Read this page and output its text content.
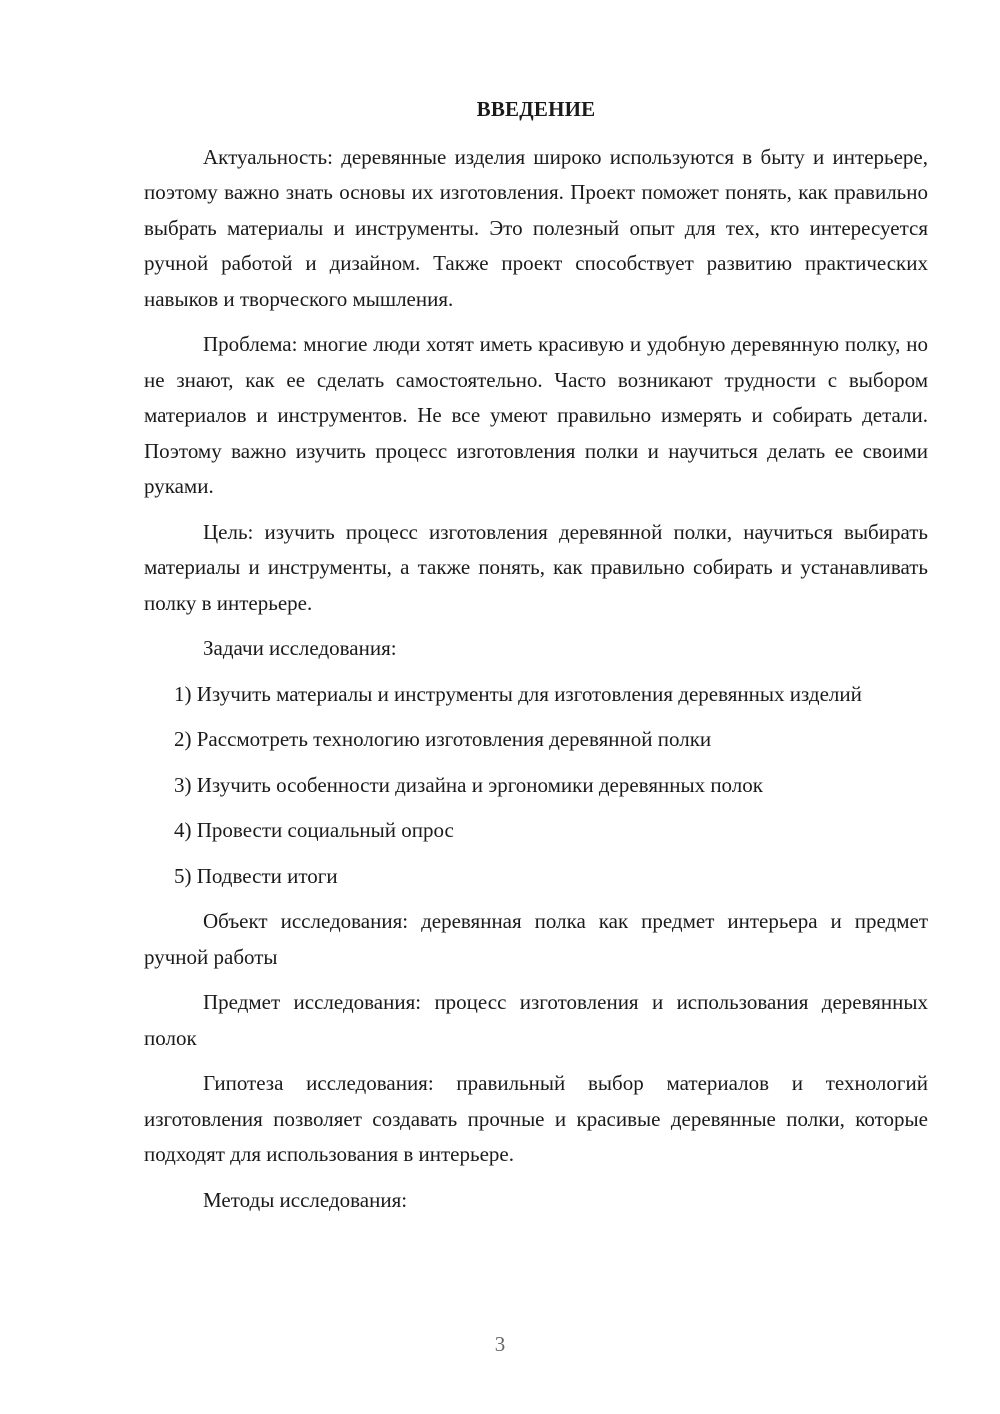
ВВЕДЕНИЕ

Актуальность: деревянные изделия широко используются в быту и интерьере, поэтому важно знать основы их изготовления. Проект поможет понять, как правильно выбрать материалы и инструменты. Это полезный опыт для тех, кто интересуется ручной работой и дизайном. Также проект способствует развитию практических навыков и творческого мышления.

Проблема: многие люди хотят иметь красивую и удобную деревянную полку, но не знают, как ее сделать самостоятельно. Часто возникают трудности с выбором материалов и инструментов. Не все умеют правильно измерять и собирать детали. Поэтому важно изучить процесс изготовления полки и научиться делать ее своими руками.

Цель: изучить процесс изготовления деревянной полки, научиться выбирать материалы и инструменты, а также понять, как правильно собирать и устанавливать полку в интерьере.

Задачи исследования:

1) Изучить материалы и инструменты для изготовления деревянных изделий

2) Рассмотреть технологию изготовления деревянной полки

3) Изучить особенности дизайна и эргономики деревянных полок

4) Провести социальный опрос

5) Подвести итоги

Объект исследования: деревянная полка как предмет интерьера и предмет ручной работы

Предмет исследования: процесс изготовления и использования деревянных полок

Гипотеза исследования: правильный выбор материалов и технологий изготовления позволяет создавать прочные и красивые деревянные полки, которые подходят для использования в интерьере.

Методы исследования:

3
